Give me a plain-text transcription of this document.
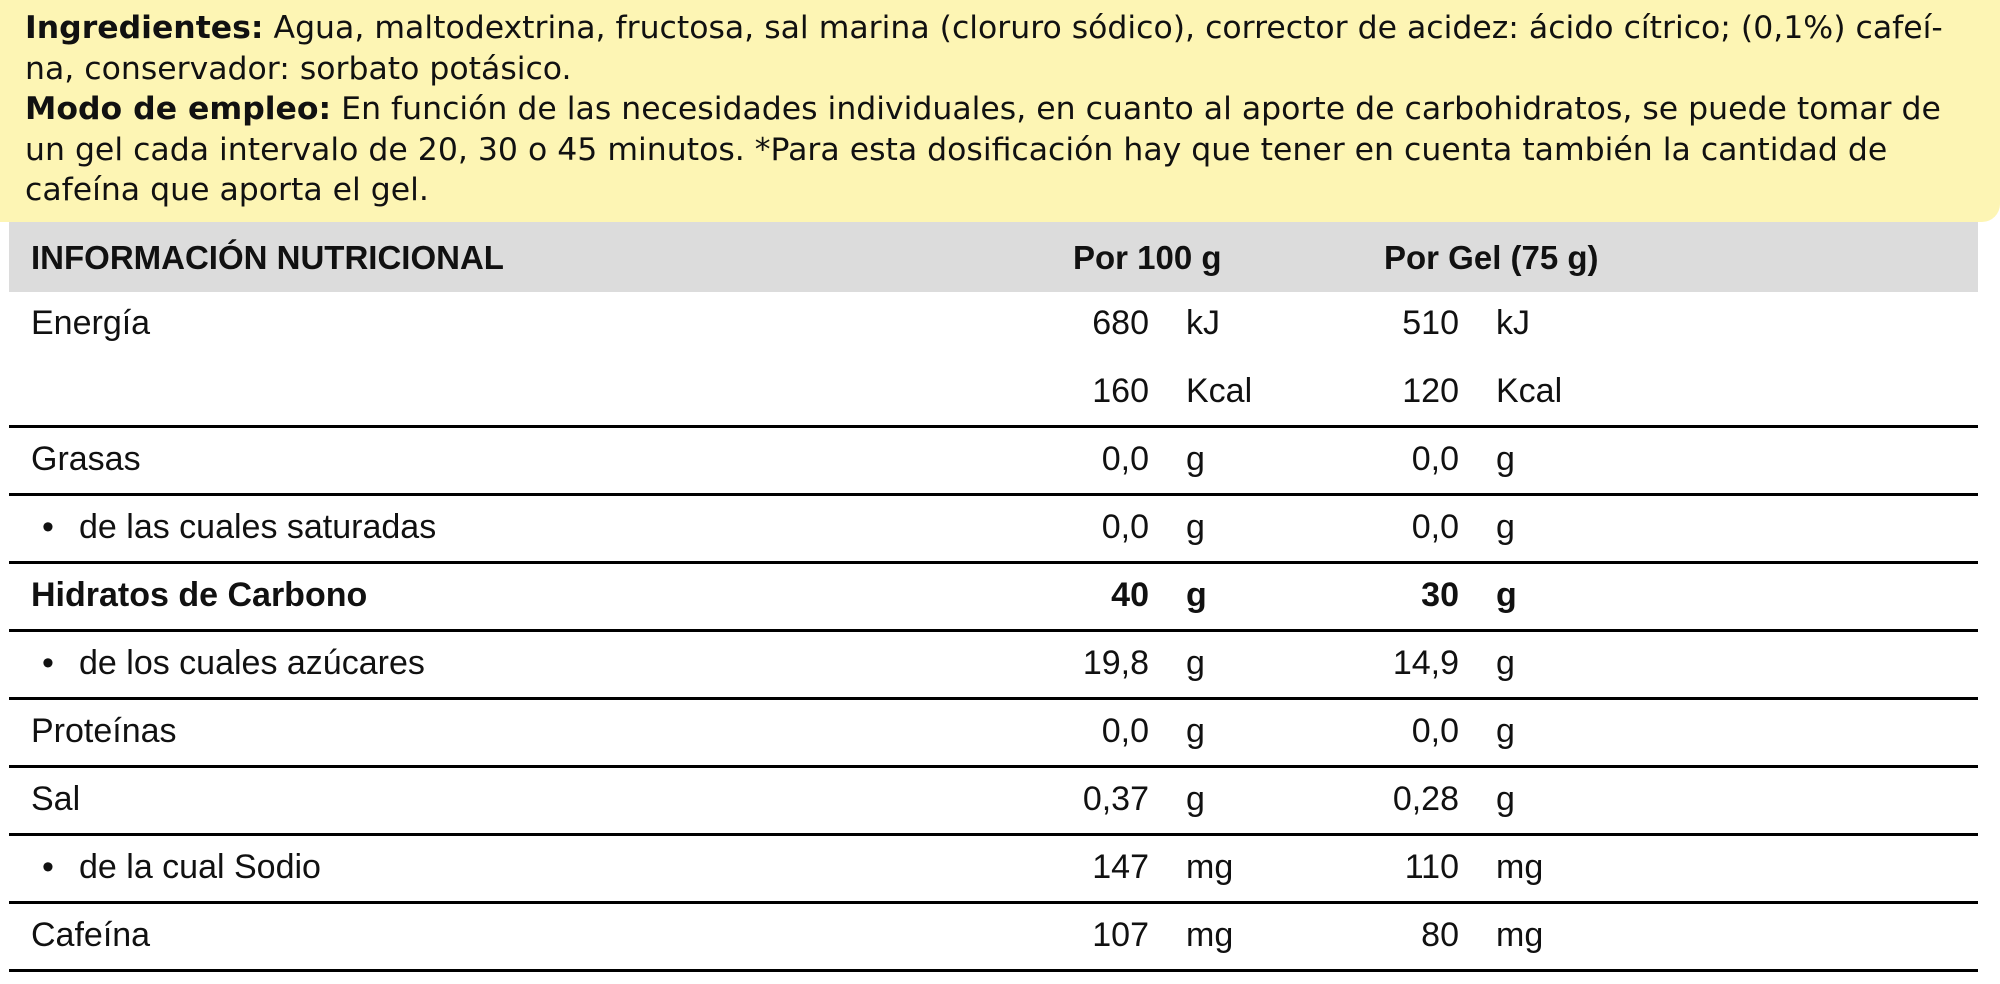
Ingredientes: Agua, maltodextrina, fructosa, sal marina (cloruro sódico), corrector de acidez: ácido cítrico; (0,1%) cafeí-
na, conservador: sorbato potásico.

Modo de empleo: En función de las necesidades individuales, en cuanto al aporte de carbohidratos, se puede tomar de
un gel cada intervalo de 20, 30 o 45 minutos. *Para esta dosificación hay que tener en cuenta también la cantidad de
cafeína que aporta el gel.

INFORMACIÓN NUTRICIONAL	Por 100 g	Por Gel (75 g)
Energía	680 kJ	510 kJ
160 Kcal	120 Kcal
Grasas	0,0 g	0,0 g
• de las cuales saturadas	0,0 g	0,0 g
Hidratos de Carbono	40 g	30 g
• de los cuales azúcares	19,8 g	14,9 g
Proteínas	0,0 g	0,0 g
Sal	0,37 g	0,28 g
• de la cual Sodio	147 mg	110 mg
Cafeína	107 mg	80 mg
